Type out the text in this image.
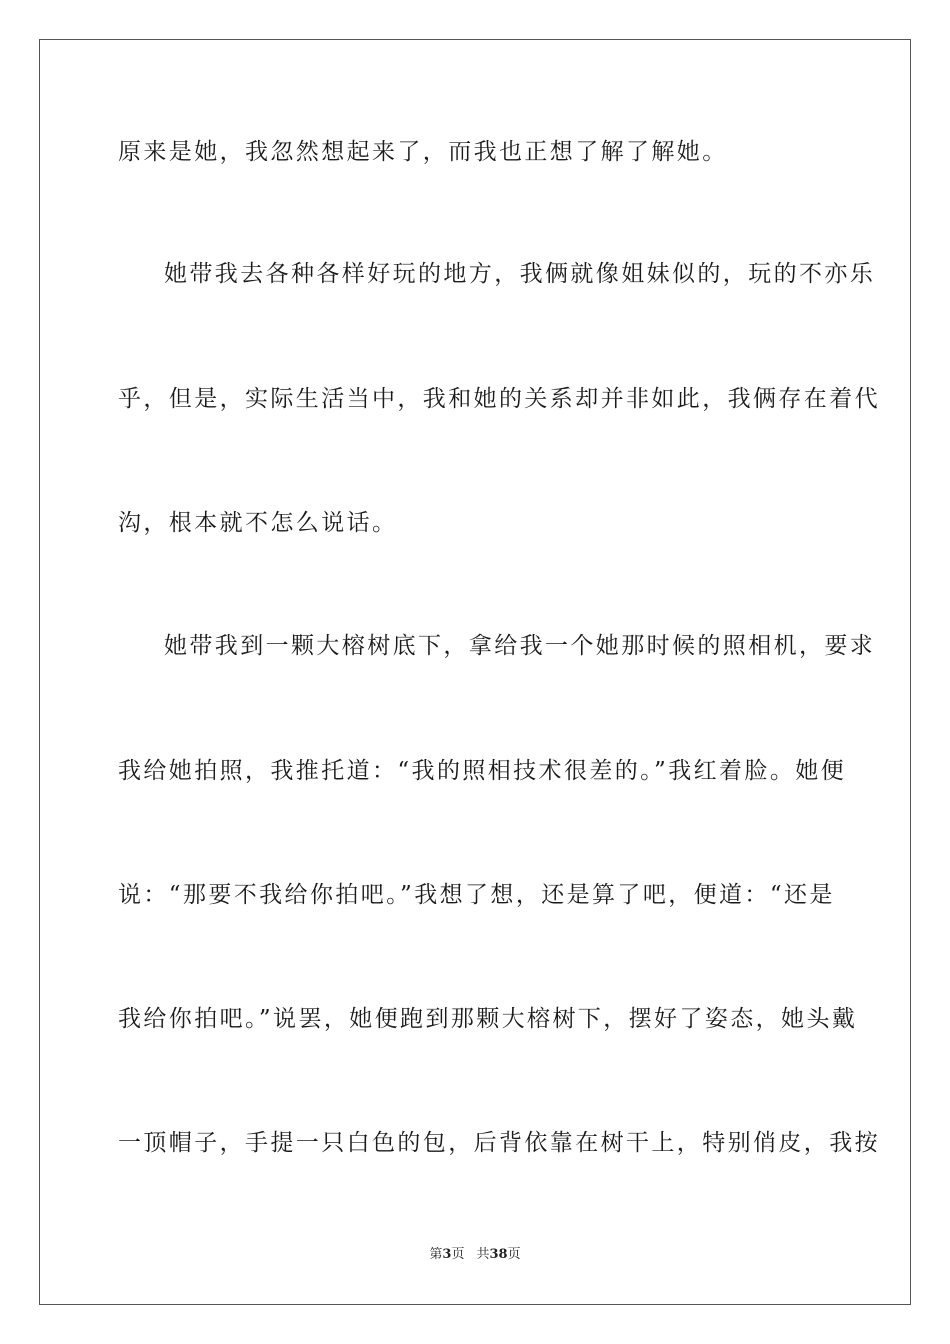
原来是她，我忽然想起来了，而我也正想了解了解她。
她带我去各种各样好玩的地方，我俩就像姐妹似的，玩的不亦乐
乎，但是，实际生活当中，我和她的关系却并非如此，我俩存在着代
沟，根本就不怎么说话。
她带我到一颗大榕树底下，拿给我一个她那时候的照相机，要求
我给她拍照，我推托道：“我的照相技术很差的。”我红着脸。她便
说：“那要不我给你拍吧。”我想了想，还是算了吧，便道：“还是
我给你拍吧。”说罢，她便跑到那颗大榕树下，摆好了姿态，她头戴
一顶帽子，手提一只白色的包，后背依靠在树干上，特别俏皮，我按
第3页 共38页
